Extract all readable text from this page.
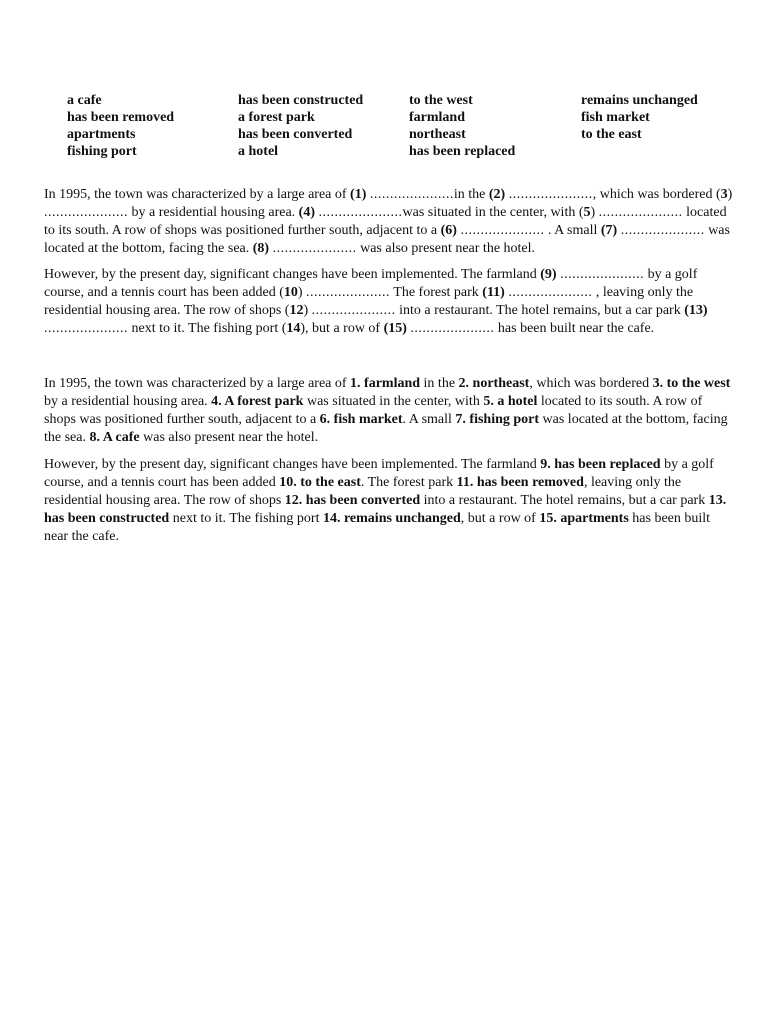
a cafe	has been constructed	to the west	remains unchanged
has been removed	a forest park	farmland	fish market
apartments	has been converted	northeast	to the east
fishing port	a hotel	has been replaced

In 1995, the town was characterized by a large area of (1) .....................in the (2) ....................., which was bordered (3) ..................... by a residential housing area. (4) .....................was situated in the center, with (5) ..................... located to its south. A row of shops was positioned further south, adjacent to a (6) ..................... . A small (7) ..................... was located at the bottom, facing the sea. (8) ..................... was also present near the hotel.

However, by the present day, significant changes have been implemented. The farmland (9) ..................... by a golf course, and a tennis court has been added (10) ..................... The forest park (11) ..................... , leaving only the residential housing area. The row of shops (12) ..................... into a restaurant. The hotel remains, but a car park (13) ..................... next to it. The fishing port (14), but a row of (15) ..................... has been built near the cafe.

In 1995, the town was characterized by a large area of 1. farmland in the 2. northeast, which was bordered 3. to the west by a residential housing area. 4. A forest park was situated in the center, with 5. a hotel located to its south. A row of shops was positioned further south, adjacent to a 6. fish market. A small 7. fishing port was located at the bottom, facing the sea. 8. A cafe was also present near the hotel.

However, by the present day, significant changes have been implemented. The farmland 9. has been replaced by a golf course, and a tennis court has been added 10. to the east. The forest park 11. has been removed, leaving only the residential housing area. The row of shops 12. has been converted into a restaurant. The hotel remains, but a car park 13. has been constructed next to it. The fishing port 14. remains unchanged, but a row of 15. apartments has been built near the cafe.
